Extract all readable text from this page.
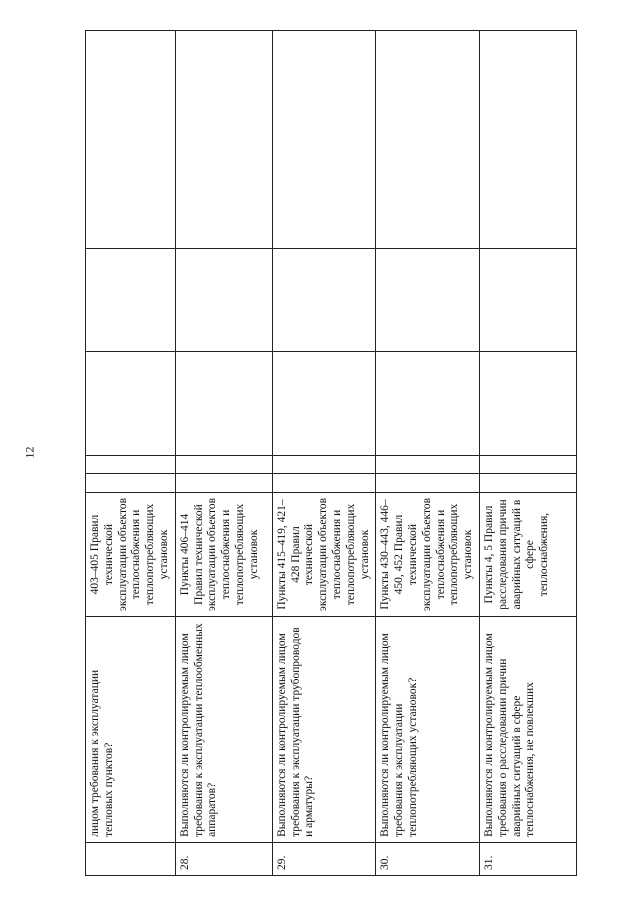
12
	лицом требования к эксплуатации тепловых пунктов?	403–405 Правил технической эксплуатации объектов теплоснабжения и теплопотребляющих установок					
28.	Выполняются ли контролируемым лицом требования к эксплуатации теплообменных аппаратов?	Пункты 406–414 Правил технической эксплуатации объектов теплоснабжения и теплопотребляющих установок					
29.	Выполняются ли контролируемым лицом требования к эксплуатации трубопроводов и арматуры?	Пункты 415–419, 421–428 Правил технической эксплуатации объектов теплоснабжения и теплопотребляющих установок					
30.	Выполняются ли контролируемым лицом требования к эксплуатации теплопотребляющих установок?	Пункты 430–443, 446–450, 452 Правил технической эксплуатации объектов теплоснабжения и теплопотребляющих установок					
31.	Выполняются ли контролируемым лицом требования о расследовании причин аварийных ситуаций в сфере теплоснабжения, не повлекших	Пункты 4, 5 Правил расследования причин аварийных ситуаций в сфере теплоснабжения,					
